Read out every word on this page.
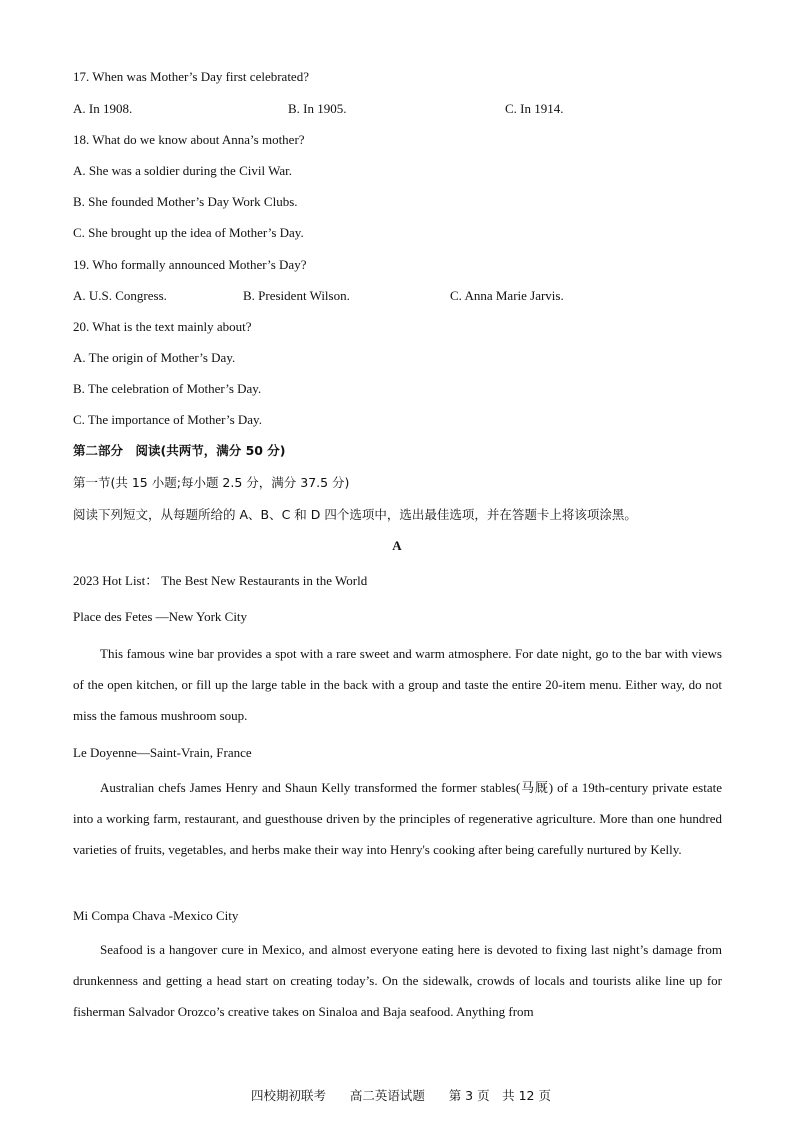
17. When was Mother’s Day first celebrated?
A. In 1908.	B. In 1905.	C. In 1914.
18. What do we know about Anna’s mother?
A. She was a soldier during the Civil War.
B. She founded Mother’s Day Work Clubs.
C. She brought up the idea of Mother’s Day.
19. Who formally announced Mother’s Day?
A. U.S. Congress.	B. President Wilson.	C. Anna Marie Jarvis.
20. What is the text mainly about?
A. The origin of Mother’s Day.
B. The celebration of Mother’s Day.
C. The importance of Mother’s Day.
第二部分　阅读(共两节，满分 50 分)
第一节(共 15 小题;每小题 2.5 分，满分 37.5 分)
阅读下列短文，从每题所给的 A、B、C 和 D 四个选项中，选出最佳选项，并在答题卡上将该项涂黑。
A
2023 Hot List： The Best New Restaurants in the World
Place des Fetes —New York City
This famous wine bar provides a spot with a rare sweet and warm atmosphere. For date night, go to the bar with views of the open kitchen, or fill up the large table in the back with a group and taste the entire 20-item menu. Either way, do not miss the famous mushroom soup.
Le Doyenne—Saint-Vrain, France
Australian chefs James Henry and Shaun Kelly transformed the former stables(马厩) of a 19th-century private estate into a working farm, restaurant, and guesthouse driven by the principles of regenerative agriculture. More than one hundred varieties of fruits, vegetables, and herbs make their way into Henry's cooking after being carefully nurtured by Kelly.
Mi Compa Chava -Mexico City
Seafood is a hangover cure in Mexico, and almost everyone eating here is devoted to fixing last night’s damage from drunkenness and getting a head start on creating today’s. On the sidewalk, crowds of locals and tourists alike line up for fisherman Salvador Orozco’s creative takes on Sinaloa and Baja seafood. Anything from

四校期初联考 高二英语试题 第 3 页　共 12 页
